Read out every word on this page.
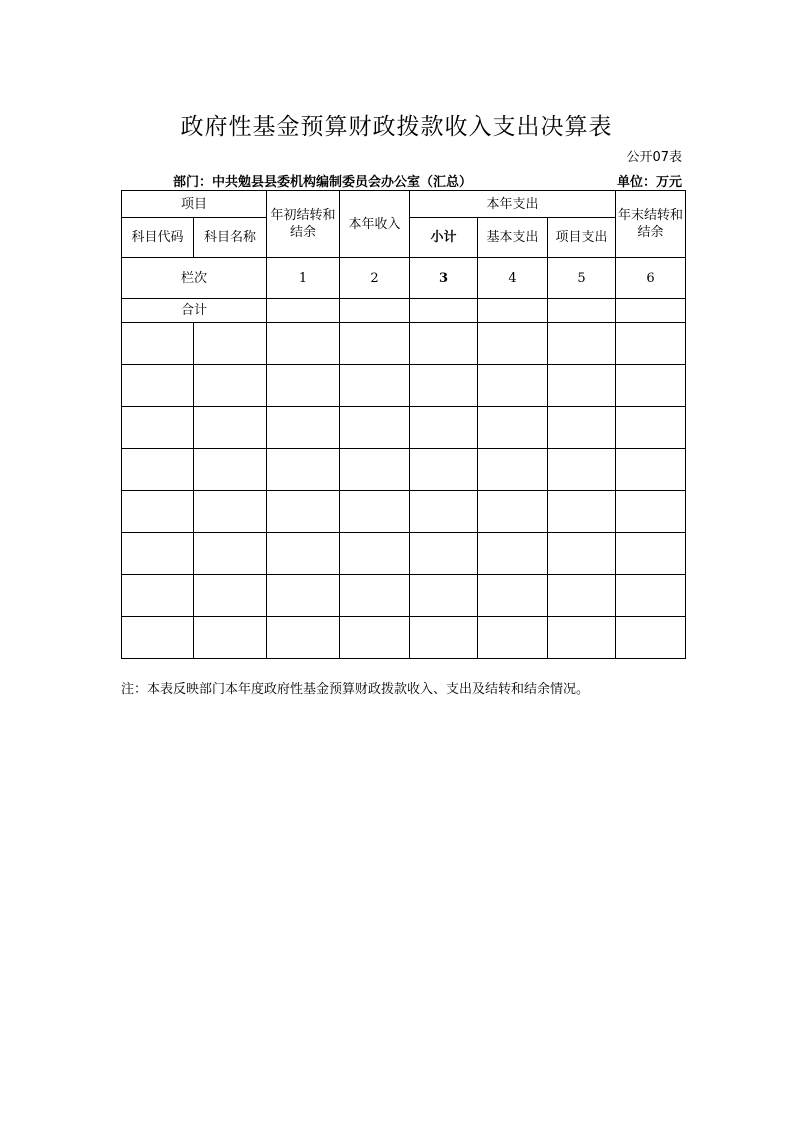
政府性基金预算财政拨款收入支出决算表
公开07表
部门：中共勉县县委机构编制委员会办公室（汇总）	单位：万元
项目		年初结转和结余	本年收入	本年支出			年末结转和结余
科目代码	科目名称			小计	基本支出	项目支出	
栏次		1	2	3	4	5	6
合计							

注：本表反映部门本年度政府性基金预算财政拨款收入、支出及结转和结余情况。
